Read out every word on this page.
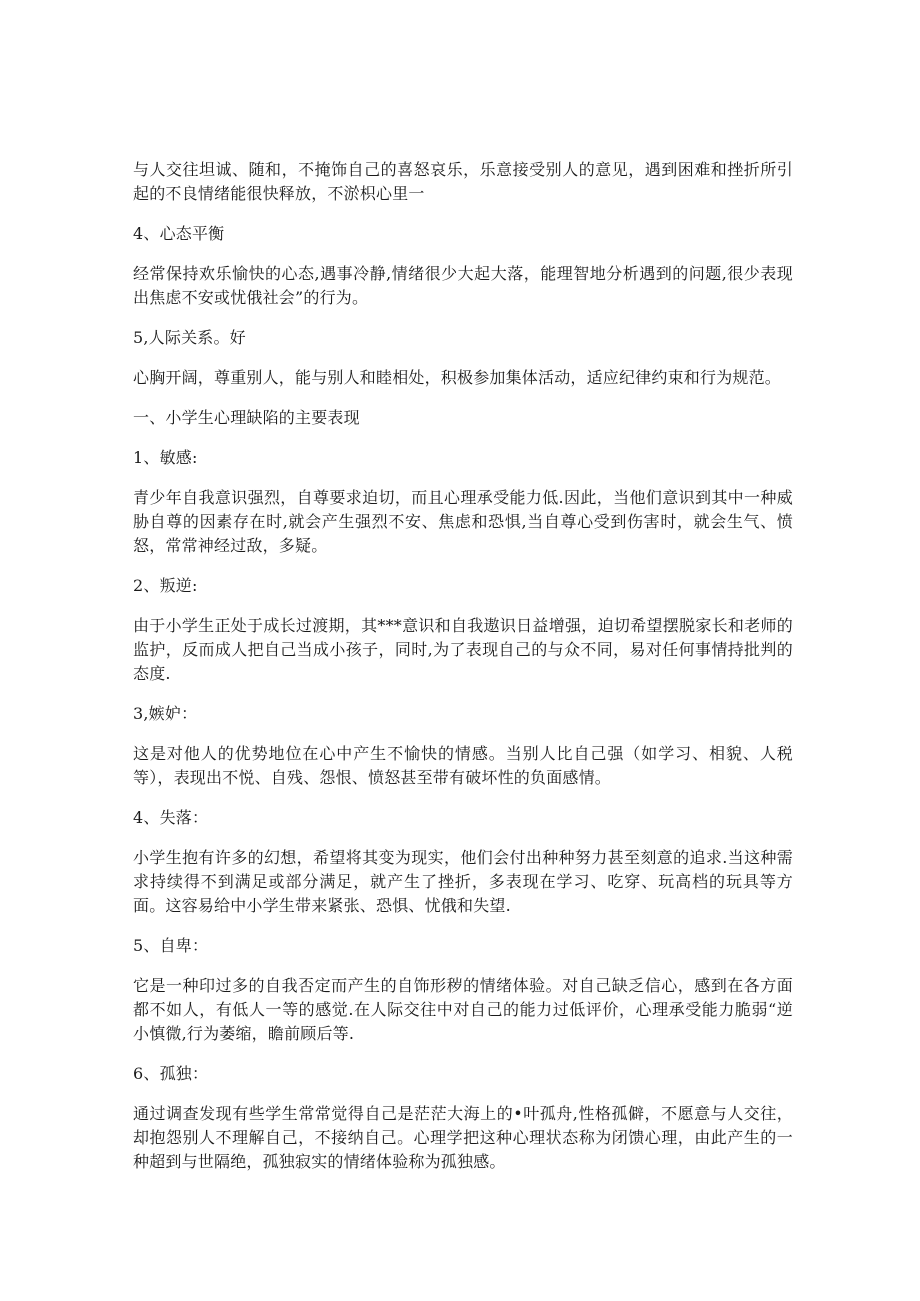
与人交往坦诚、随和，不掩饰自己的喜怒哀乐，乐意接受别人的意见，遇到困难和挫折所引起的不良情绪能很快释放，不淤枳心里一

4、心态平衡

经常保持欢乐愉快的心态,遇事冷静,情绪很少大起大落，能理智地分析遇到的问题,很少表现出焦虑不安或忧俄社会”的行为。

5,人际关系。好

心胸开阔，尊重别人，能与别人和睦相处，积极参加集体活动，适应纪律约束和行为规范。

一、小学生心理缺陷的主要表现

1、敏感:

青少年自我意识强烈，自尊要求迫切，而且心理承受能力低.因此，当他们意识到其中一种威胁自尊的因素存在时,就会产生强烈不安、焦虑和恐惧,当自尊心受到伤害时，就会生气、愤怒，常常神经过敌，多疑。

2、叛逆:

由于小学生正处于成长过渡期，其***意识和自我遨识日益增强，迫切希望摆脱家长和老师的监护，反而成人把自己当成小孩子，同时,为了表现自己的与众不同，易对任何事情持批判的态度.

3,嫉妒：

这是对他人的优势地位在心中产生不愉快的情感。当别人比自己强（如学习、相貌、人税等），表现出不悦、自残、怨恨、愤怒甚至带有破坏性的负面感情。

4、失落：

小学生抱有许多的幻想，希望将其变为现实，他们会付出种种努力甚至刻意的追求.当这种需求持续得不到满足或部分满足，就产生了挫折，多表现在学习、吃穿、玩高档的玩具等方面。这容易给中小学生带来紧张、恐惧、忧俄和失望.

5、自卑：

它是一种印过多的自我否定而产生的自饰形秽的情绪体验。对自己缺乏信心，感到在各方面都不如人，有低人一等的感觉.在人际交往中对自己的能力过低评价，心理承受能力脆弱“逆小慎微,行为萎缩，瞻前顾后等.

6、孤独：

通过调查发现有些学生常常觉得自己是茫茫大海上的•叶孤舟,性格孤僻，不愿意与人交往，却抱怨别人不理解自己，不接纳自己。心理学把这种心理状态称为闭馈心理，由此产生的一种超到与世隔绝，孤独寂实的情绪体验称为孤独感。
